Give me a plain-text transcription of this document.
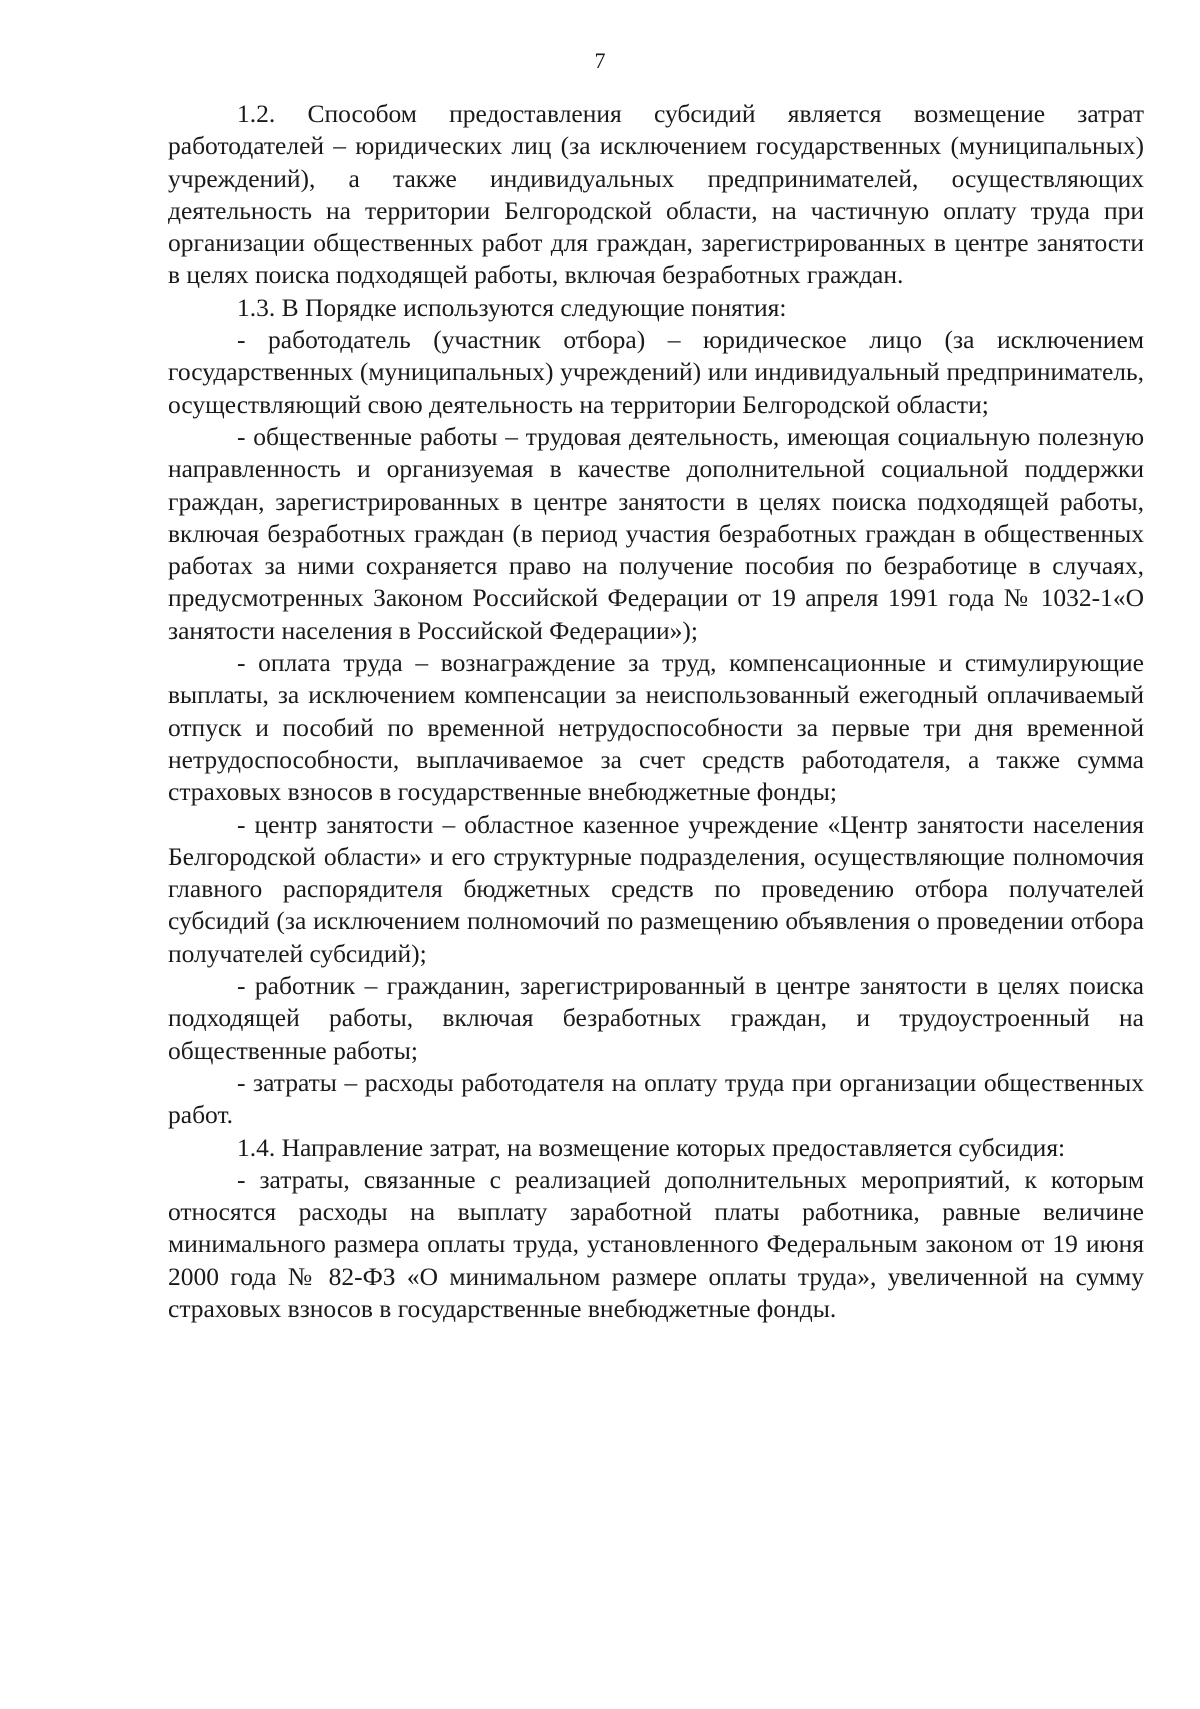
7

1.2. Способом предоставления субсидий является возмещение затрат работодателей – юридических лиц (за исключением государственных (муниципальных) учреждений), а также индивидуальных предпринимателей, осуществляющих деятельность на территории Белгородской области, на частичную оплату труда при организации общественных работ для граждан, зарегистрированных в центре занятости в целях поиска подходящей работы, включая безработных граждан.

1.3. В Порядке используются следующие понятия:

- работодатель (участник отбора) – юридическое лицо (за исключением государственных (муниципальных) учреждений) или индивидуальный предприниматель, осуществляющий свою деятельность на территории Белгородской области;

- общественные работы – трудовая деятельность, имеющая социальную полезную направленность и организуемая в качестве дополнительной социальной поддержки граждан, зарегистрированных в центре занятости в целях поиска подходящей работы, включая безработных граждан (в период участия безработных граждан в общественных работах за ними сохраняется право на получение пособия по безработице в случаях, предусмотренных Законом Российской Федерации от 19 апреля 1991 года № 1032-1«О занятости населения в Российской Федерации»);

- оплата труда – вознаграждение за труд, компенсационные и стимулирующие выплаты, за исключением компенсации за неиспользованный ежегодный оплачиваемый отпуск и пособий по временной нетрудоспособности за первые три дня временной нетрудоспособности, выплачиваемое за счет средств работодателя, а также сумма страховых взносов в государственные внебюджетные фонды;

- центр занятости – областное казенное учреждение «Центр занятости населения Белгородской области» и его структурные подразделения, осуществляющие полномочия главного распорядителя бюджетных средств по проведению отбора получателей субсидий (за исключением полномочий по размещению объявления о проведении отбора получателей субсидий);

- работник – гражданин, зарегистрированный в центре занятости в целях поиска подходящей работы, включая безработных граждан, и трудоустроенный на общественные работы;

- затраты – расходы работодателя на оплату труда при организации общественных работ.

1.4. Направление затрат, на возмещение которых предоставляется субсидия:

- затраты, связанные с реализацией дополнительных мероприятий, к которым относятся расходы на выплату заработной платы работника, равные величине минимального размера оплаты труда, установленного Федеральным законом от 19 июня 2000 года № 82-ФЗ «О минимальном размере оплаты труда», увеличенной на сумму страховых взносов в государственные внебюджетные фонды.
